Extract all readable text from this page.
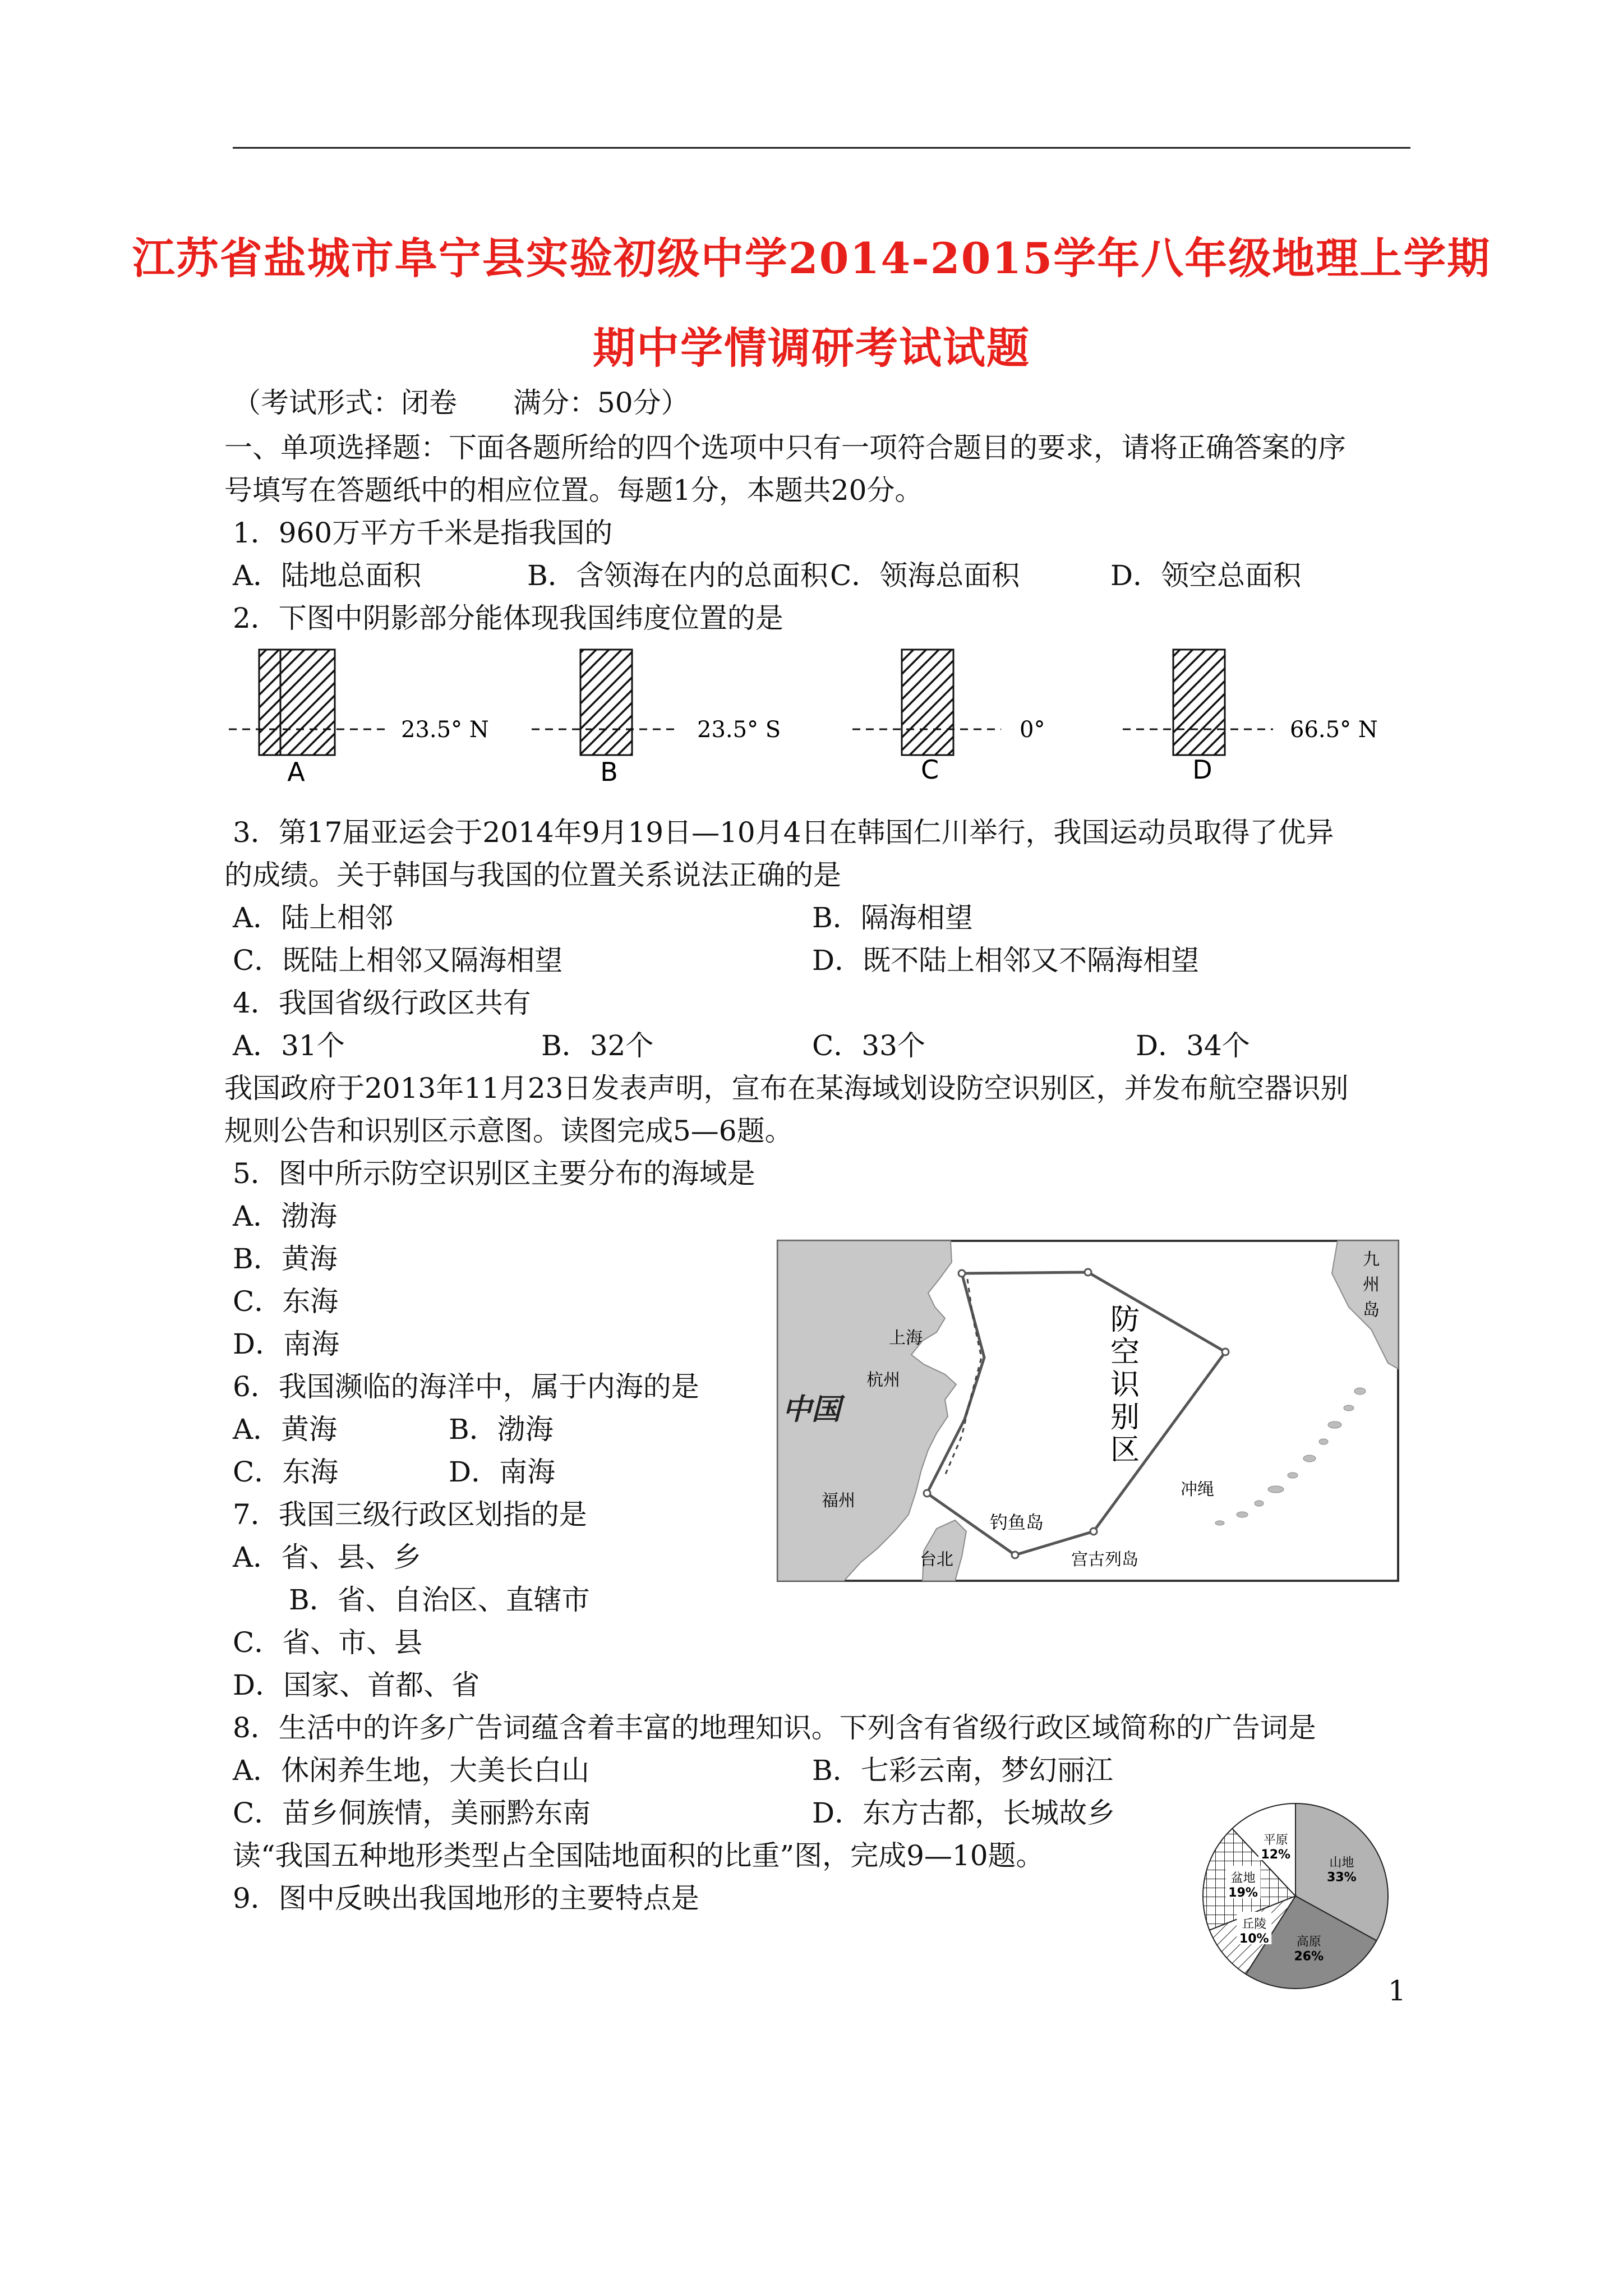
江苏省盐城市阜宁县实验初级中学2014-2015学年八年级地理上学期
期中学情调研考试试题
（考试形式：闭卷　　满分：50分）
一、单项选择题：下面各题所给的四个选项中只有一项符合题目的要求，请将正确答案的序
号填写在答题纸中的相应位置。每题1分，本题共20分。
1．960万平方千米是指我国的
A．陆地总面积	B．含领海在内的总面积 C．领海总面积	D．领空总面积
2．下图中阴影部分能体现我国纬度位置的是
23.5° N
A
23.5° S
B
0°
C
66.5° N
D
3．第17届亚运会于2014年9月19日—10月4日在韩国仁川举行，我国运动员取得了优异
的成绩。关于韩国与我国的位置关系说法正确的是
A．陆上相邻	B．隔海相望
C．既陆上相邻又隔海相望	D．既不陆上相邻又不隔海相望
4．我国省级行政区共有
A．31个	B．32个	C．33个	D．34个
我国政府于2013年11月23日发表声明，宣布在某海域划设防空识别区，并发布航空器识别
规则公告和识别区示意图。读图完成5—6题。
5．图中所示防空识别区主要分布的海域是
A．渤海
B．黄海
C．东海
D．南海
6．我国濒临的海洋中，属于内海的是
A．黄海	B．渤海
C．东海	D．南海
7．我国三级行政区划指的是
A．省、县、乡
B．省、自治区、直辖市
C．省、市、县
D．国家、首都、省
防
空
识
别
区
九
州
岛
上海
杭州
中国
福州
钓鱼岛
冲绳
台北	宫古列岛
8．生活中的许多广告词蕴含着丰富的地理知识。下列含有省级行政区域简称的广告词是
A．休闲养生地，大美长白山	B．七彩云南，梦幻丽江
C．苗乡侗族情，美丽黔东南	D．东方古都，长城故乡
读“我国五种地形类型占全国陆地面积的比重”图，完成9—10题。
9．图中反映出我国地形的主要特点是
山地
33%
高原
26%
丘陵
10%
盆地
19%
平原
12%
1
